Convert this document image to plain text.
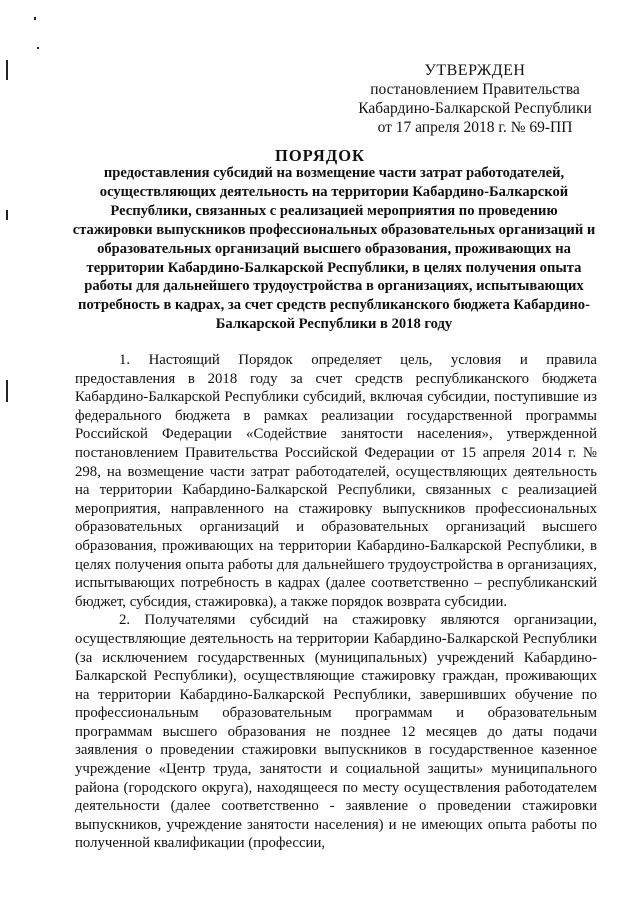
УТВЕРЖДЕН
постановлением Правительства
Кабардино-Балкарской Республики
от 17 апреля 2018 г. № 69-ПП
ПОРЯДОК
предоставления субсидий на возмещение части затрат работодателей, осуществляющих деятельность на территории Кабардино-Балкарской Республики, связанных с реализацией мероприятия по проведению стажировки выпускников профессиональных образовательных организаций и образовательных организаций высшего образования, проживающих на территории Кабардино-Балкарской Республики, в целях получения опыта работы для дальнейшего трудоустройства в организациях, испытывающих потребность в кадрах, за счет средств республиканского бюджета Кабардино-Балкарской Республики в 2018 году

1. Настоящий Порядок определяет цель, условия и правила предоставления в 2018 году за счет средств республиканского бюджета Кабардино-Балкарской Республики субсидий, включая субсидии, поступившие из федерального бюджета в рамках реализации государственной программы Российской Федерации «Содействие занятости населения», утвержденной постановлением Правительства Российской Федерации от 15 апреля 2014 г. № 298, на возмещение части затрат работодателей, осуществляющих деятельность на территории Кабардино-Балкарской Республики, связанных с реализацией мероприятия, направленного на стажировку выпускников профессиональных образовательных организаций и образовательных организаций высшего образования, проживающих на территории Кабардино-Балкарской Республики, в целях получения опыта работы для дальнейшего трудоустройства в организациях, испытывающих потребность в кадрах (далее соответственно – республиканский бюджет, субсидия, стажировка), а также порядок возврата субсидии.

2. Получателями субсидий на стажировку являются организации, осуществляющие деятельность на территории Кабардино-Балкарской Республики (за исключением государственных (муниципальных) учреждений Кабардино-Балкарской Республики), осуществляющие стажировку граждан, проживающих на территории Кабардино-Балкарской Республики, завершивших обучение по профессиональным образовательным программам и образовательным программам высшего образования не позднее 12 месяцев до даты подачи заявления о проведении стажировки выпускников в государственное казенное учреждение «Центр труда, занятости и социальной защиты» муниципального района (городского округа), находящееся по месту осуществления работодателем деятельности (далее соответственно - заявление о проведении стажировки выпускников, учреждение занятости населения) и не имеющих опыта работы по полученной квалификации (профессии,
